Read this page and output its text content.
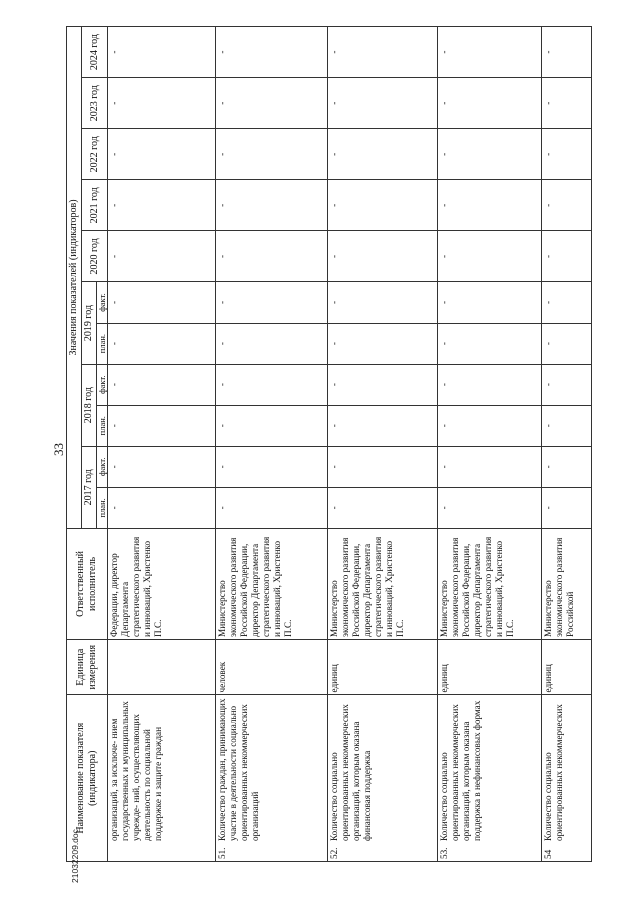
33
Наименование показателя (индикатора)	Единица измерения	Ответственный исполнитель	Значения показателей (индикаторов)										
			2017 год		2018 год		2019 год		2020 год	2021 год	2022 год	2023 год	2024 год
			план.	факт.	план.	факт.	план.	факт.					

организаций, за исключе- нием государственных и муниципальных учрежде- ний, осуществляющих деятельность по социальной поддержке и защите граждан		Федерации, директор Департамента стратегического развития и инноваций, Христенко П.С.	-	-	-	-	-	-	-	-	-	-	-
51.
Количество граждан, принимающих участие в деятельности социально ориентированных некоммерческих организаций	человек	Министерство экономического развития Российской Федерации, директор Департамента стратегического развития и инноваций, Христенко П.С.	-	-	-	-	-	-	-	-	-	-	-
52.
Количество социально ориентированных некоммерческих организаций, которым оказана финансовая поддержка	единиц	Министерство экономического развития Российской Федерации, директор Департамента стратегического развития и инноваций, Христенко П.С.	-	-	-	-	-	-	-	-	-	-	-
53.
Количество социально ориентированных некоммерческих организаций, которым оказана поддержка в нефинансовых формах	единиц	Министерство экономического развития Российской Федерации, директор Департамента стратегического развития и инноваций, Христенко П.С.	-	-	-	-	-	-	-	-	-	-	-
54
Количество социально ориентированных некоммерческих	единиц	Министерство экономического развития Российской	-	-	-	-	-	-	-	-	-	-	-
21032209.doc
